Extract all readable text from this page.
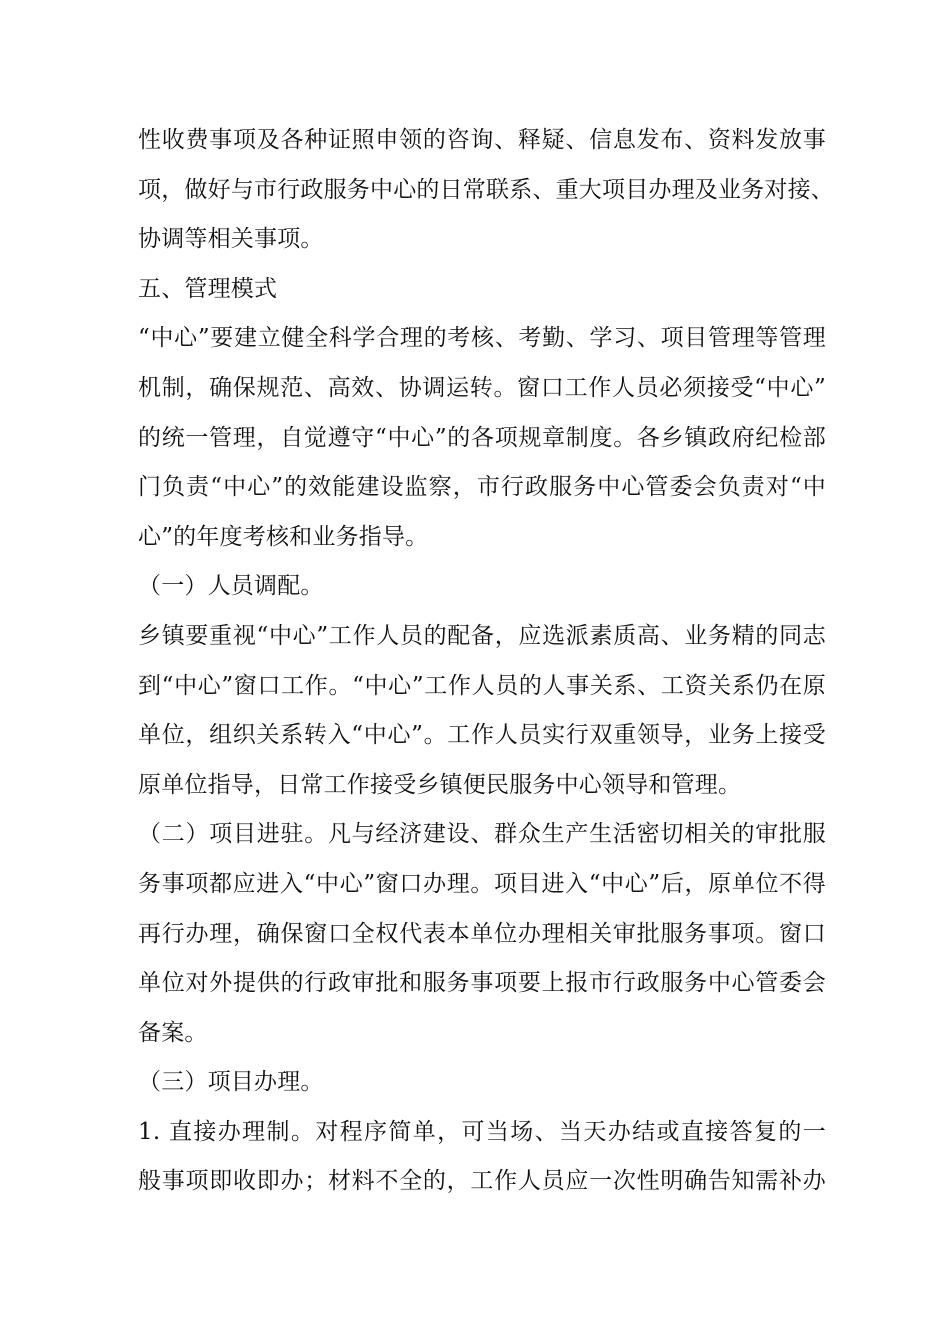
性收费事项及各种证照申领的咨询、释疑、信息发布、资料发放事
项，做好与市行政服务中心的日常联系、重大项目办理及业务对接、
协调等相关事项。
五、管理模式
“中心”要建立健全科学合理的考核、考勤、学习、项目管理等管理
机制，确保规范、高效、协调运转。窗口工作人员必须接受“中心”
的统一管理，自觉遵守“中心”的各项规章制度。各乡镇政府纪检部
门负责“中心”的效能建设监察，市行政服务中心管委会负责对“中
心”的年度考核和业务指导。
（一）人员调配。
乡镇要重视“中心”工作人员的配备，应选派素质高、业务精的同志
到“中心”窗口工作。“中心”工作人员的人事关系、工资关系仍在原
单位，组织关系转入“中心”。工作人员实行双重领导，业务上接受
原单位指导，日常工作接受乡镇便民服务中心领导和管理。
（二）项目进驻。凡与经济建设、群众生产生活密切相关的审批服
务事项都应进入“中心”窗口办理。项目进入“中心”后，原单位不得
再行办理，确保窗口全权代表本单位办理相关审批服务事项。窗口
单位对外提供的行政审批和服务事项要上报市行政服务中心管委会
备案。
（三）项目办理。
1. 直接办理制。对程序简单，可当场、当天办结或直接答复的一
般事项即收即办；材料不全的，工作人员应一次性明确告知需补办
